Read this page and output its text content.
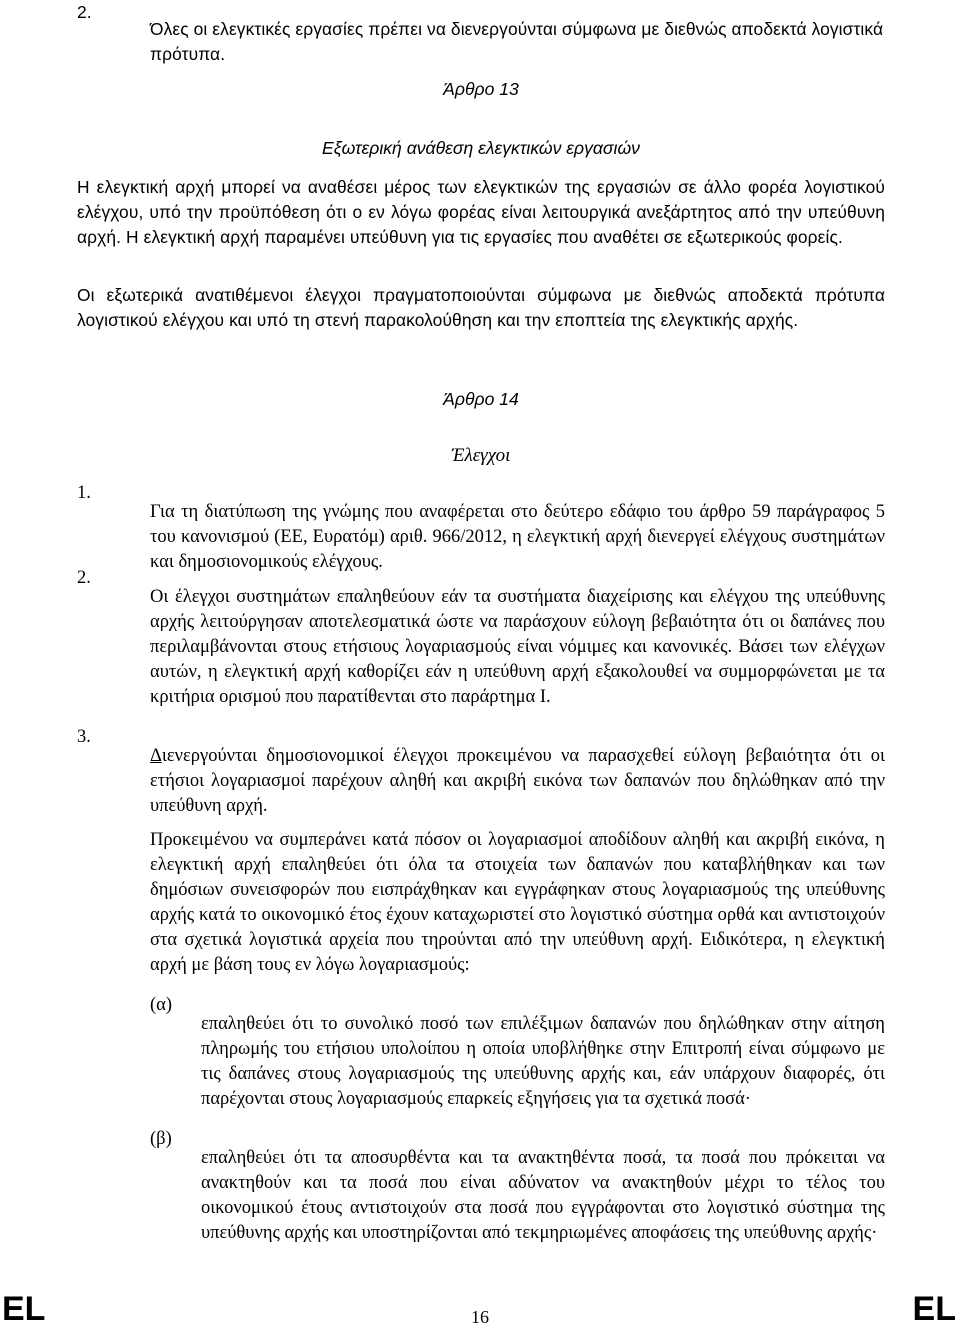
2.

Όλες οι ελεγκτικές εργασίες πρέπει να διενεργούνται σύμφωνα με διεθνώς αποδεκτά λογιστικά πρότυπα.

Άρθρο 13
Εξωτερική ανάθεση ελεγκτικών εργασιών

Η ελεγκτική αρχή μπορεί να αναθέσει μέρος των ελεγκτικών της εργασιών σε άλλο φορέα λογιστικού ελέγχου, υπό την προϋπόθεση ότι ο εν λόγω φορέας είναι λειτουργικά ανεξάρτητος από την υπεύθυνη αρχή. Η ελεγκτική αρχή παραμένει υπεύθυνη για τις εργασίες που αναθέτει σε εξωτερικούς φορείς.

Οι εξωτερικά ανατιθέμενοι έλεγχοι πραγματοποιούνται σύμφωνα με διεθνώς αποδεκτά πρότυπα λογιστικού ελέγχου και υπό τη στενή παρακολούθηση και την εποπτεία της ελεγκτικής αρχής.

Άρθρο 14
Έλεγχοι
1.

Για τη διατύπωση της γνώμης που αναφέρεται στο δεύτερο εδάφιο του άρθρο 59 παράγραφος 5 του κανονισμού (ΕΕ, Ευρατόμ) αριθ. 966/2012, η ελεγκτική αρχή διενεργεί ελέγχους συστημάτων και δημοσιονομικούς ελέγχους.

2.

Οι έλεγχοι συστημάτων επαληθεύουν εάν τα συστήματα διαχείρισης και ελέγχου της υπεύθυνης αρχής λειτούργησαν αποτελεσματικά ώστε να παράσχουν εύλογη βεβαιότητα ότι οι δαπάνες που περιλαμβάνονται στους ετήσιους λογαριασμούς είναι νόμιμες και κανονικές. Βάσει των ελέγχων αυτών, η ελεγκτική αρχή καθορίζει εάν η υπεύθυνη αρχή εξακολουθεί να συμμορφώνεται με τα κριτήρια ορισμού που παρατίθενται στο παράρτημα I.

3.

Διενεργούνται δημοσιονομικοί έλεγχοι προκειμένου να παρασχεθεί εύλογη βεβαιότητα ότι οι ετήσιοι λογαριασμοί παρέχουν αληθή και ακριβή εικόνα των δαπανών που δηλώθηκαν από την υπεύθυνη αρχή.

Προκειμένου να συμπεράνει κατά πόσον οι λογαριασμοί αποδίδουν αληθή και ακριβή εικόνα, η ελεγκτική αρχή επαληθεύει ότι όλα τα στοιχεία των δαπανών που καταβλήθηκαν και των δημόσιων συνεισφορών που εισπράχθηκαν και εγγράφηκαν στους λογαριασμούς της υπεύθυνης αρχής κατά το οικονομικό έτος έχουν καταχωριστεί στο λογιστικό σύστημα ορθά και αντιστοιχούν στα σχετικά λογιστικά αρχεία που τηρούνται από την υπεύθυνη αρχή. Ειδικότερα, η ελεγκτική αρχή με βάση τους εν λόγω λογαριασμούς:

(α)

επαληθεύει ότι το συνολικό ποσό των επιλέξιμων δαπανών που δηλώθηκαν στην αίτηση πληρωμής του ετήσιου υπολοίπου η οποία υποβλήθηκε στην Επιτροπή είναι σύμφωνο με τις δαπάνες στους λογαριασμούς της υπεύθυνης αρχής και, εάν υπάρχουν διαφορές, ότι παρέχονται στους λογαριασμούς επαρκείς εξηγήσεις για τα σχετικά ποσά·

(β)

επαληθεύει ότι τα αποσυρθέντα και τα ανακτηθέντα ποσά, τα ποσά που πρόκειται να ανακτηθούν και τα ποσά που είναι αδύνατον να ανακτηθούν μέχρι το τέλος του οικονομικού έτους αντιστοιχούν στα ποσά που εγγράφονται στο λογιστικό σύστημα της υπεύθυνης αρχής και υποστηρίζονται από τεκμηριωμένες αποφάσεις της υπεύθυνης αρχής·

EL	16	EL
